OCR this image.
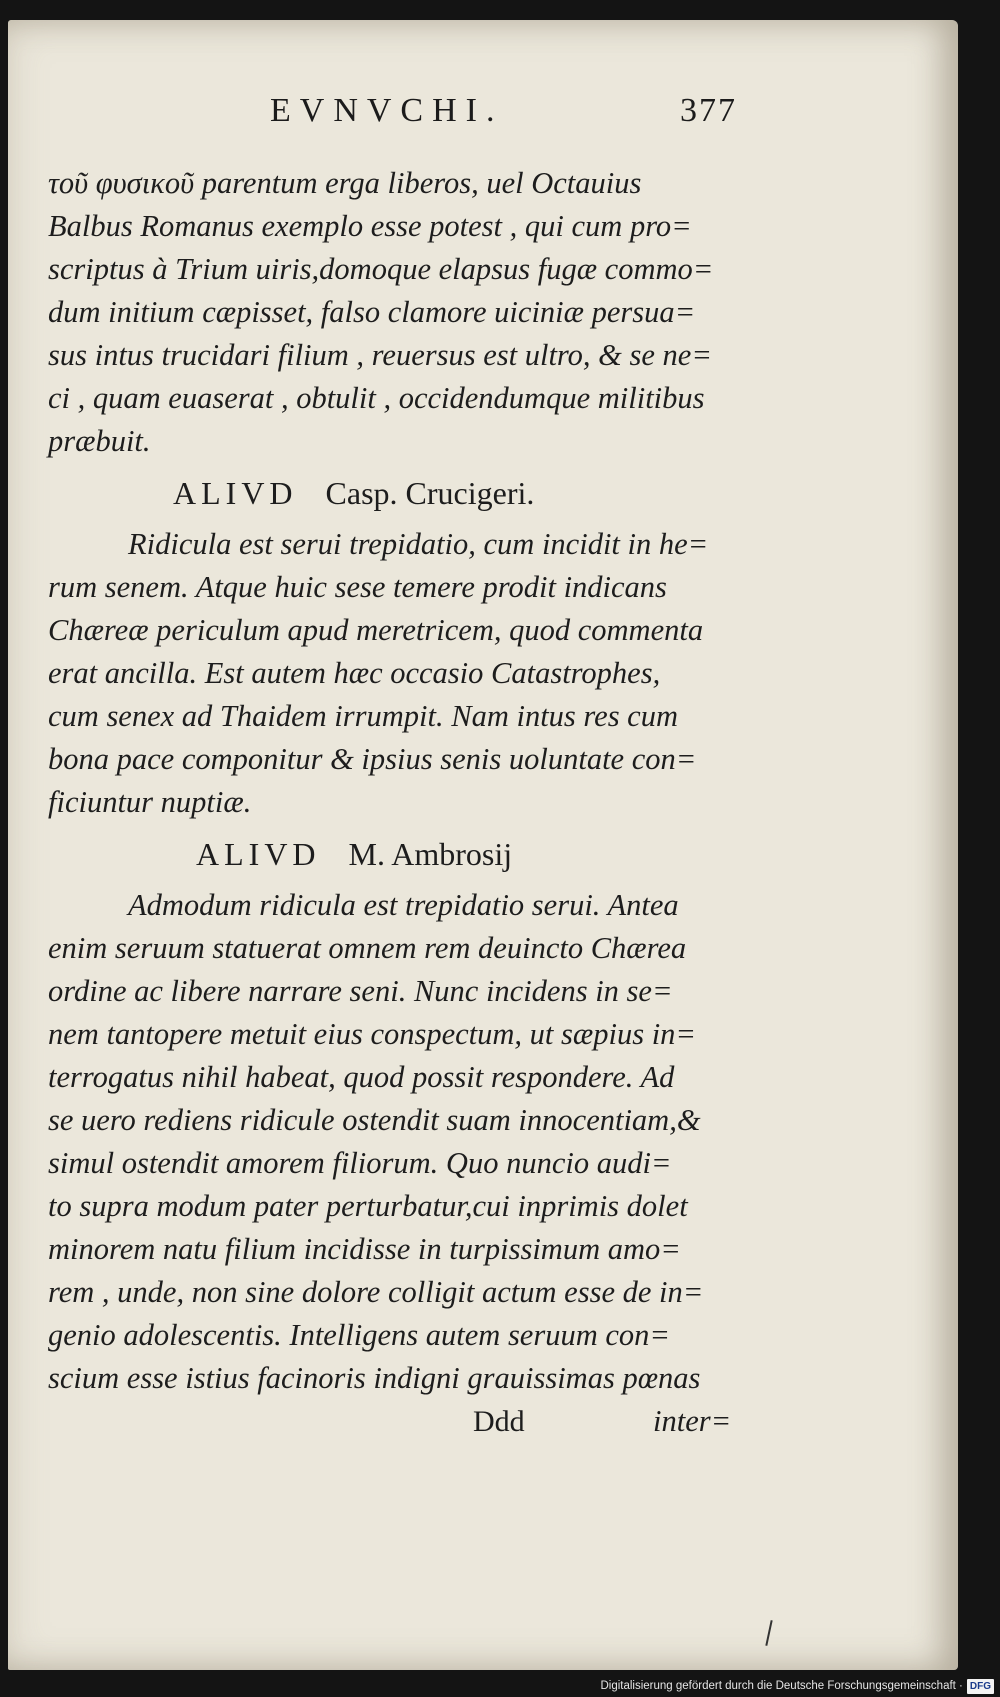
EVNVCHI.	377
τοῦ φυσικοῦ parentum erga liberos, uel Octauius
Balbus Romanus exemplo esse potest , qui cum pro=
scriptus à Trium uiris,domoque elapsus fugæ commo=
dum initium cæpisset, falso clamore uiciniæ persua=
sus intus trucidari filium , reuersus est ultro, & se ne=
ci , quam euaserat , obtulit , occidendumque militibus
præbuit.
ALIVD Casp. Crucigeri.
Ridicula est serui trepidatio, cum incidit in he=
rum senem. Atque huic sese temere prodit indicans
Chæreæ periculum apud meretricem, quod commenta
erat ancilla. Est autem hæc occasio Catastrophes,
cum senex ad Thaidem irrumpit. Nam intus res cum
bona pace componitur & ipsius senis uoluntate con=
ficiuntur nuptiæ.
ALIVD M. Ambrosij
Admodum ridicula est trepidatio serui. Antea
enim seruum statuerat omnem rem deuincto Chærea
ordine ac libere narrare seni. Nunc incidens in se=
nem tantopere metuit eius conspectum, ut sæpius in=
terrogatus nihil habeat, quod possit respondere. Ad
se uero rediens ridicule ostendit suam innocentiam,&
simul ostendit amorem filiorum. Quo nuncio audi=
to supra modum pater perturbatur,cui inprimis dolet
minorem natu filium incidisse in turpissimum amo=
rem , unde, non sine dolore colligit actum esse de in=
genio adolescentis. Intelligens autem seruum con=
scium esse istius facinoris indigni grauissimas pœnas
Ddd	inter=
Digitalisierung gefördert durch die Deutsche Forschungsgemeinschaft · DFG
